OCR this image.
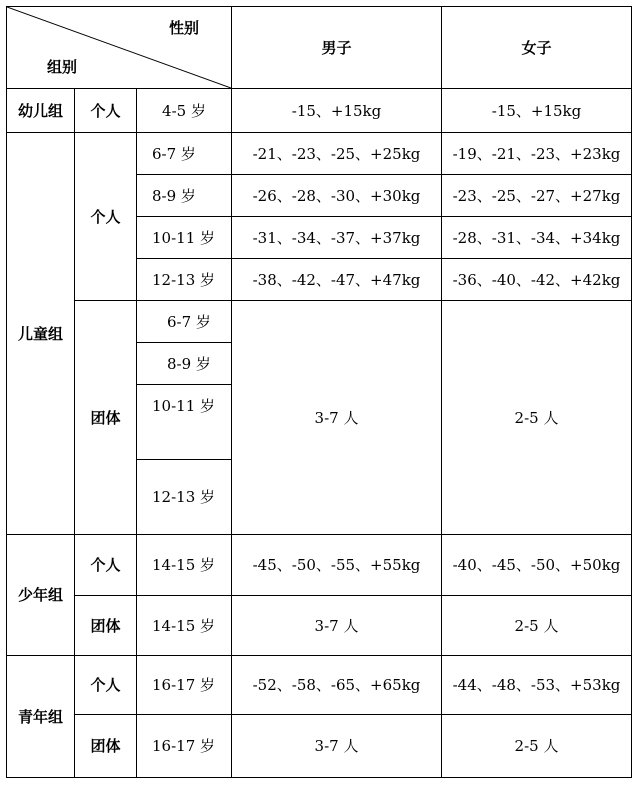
性别
组别			男子	女子
幼儿组	个人	4-5 岁	-15、+15kg	-15、+15kg
儿童组	个人	6-7 岁	-21、-23、-25、+25kg	-19、-21、-23、+23kg
		8-9 岁	-26、-28、-30、+30kg	-23、-25、-27、+27kg
		10-11 岁	-31、-34、-37、+37kg	-28、-31、-34、+34kg
		12-13 岁	-38、-42、-47、+47kg	-36、-40、-42、+42kg
	团体	6-7 岁	3-7 人	2-5 人
		8-9 岁		
		10-11 岁		
		12-13 岁		
少年组	个人	14-15 岁	-45、-50、-55、+55kg	-40、-45、-50、+50kg
	团体	14-15 岁	3-7 人	2-5 人
青年组	个人	16-17 岁	-52、-58、-65、+65kg	-44、-48、-53、+53kg
	团体	16-17 岁	3-7 人	2-5 人
